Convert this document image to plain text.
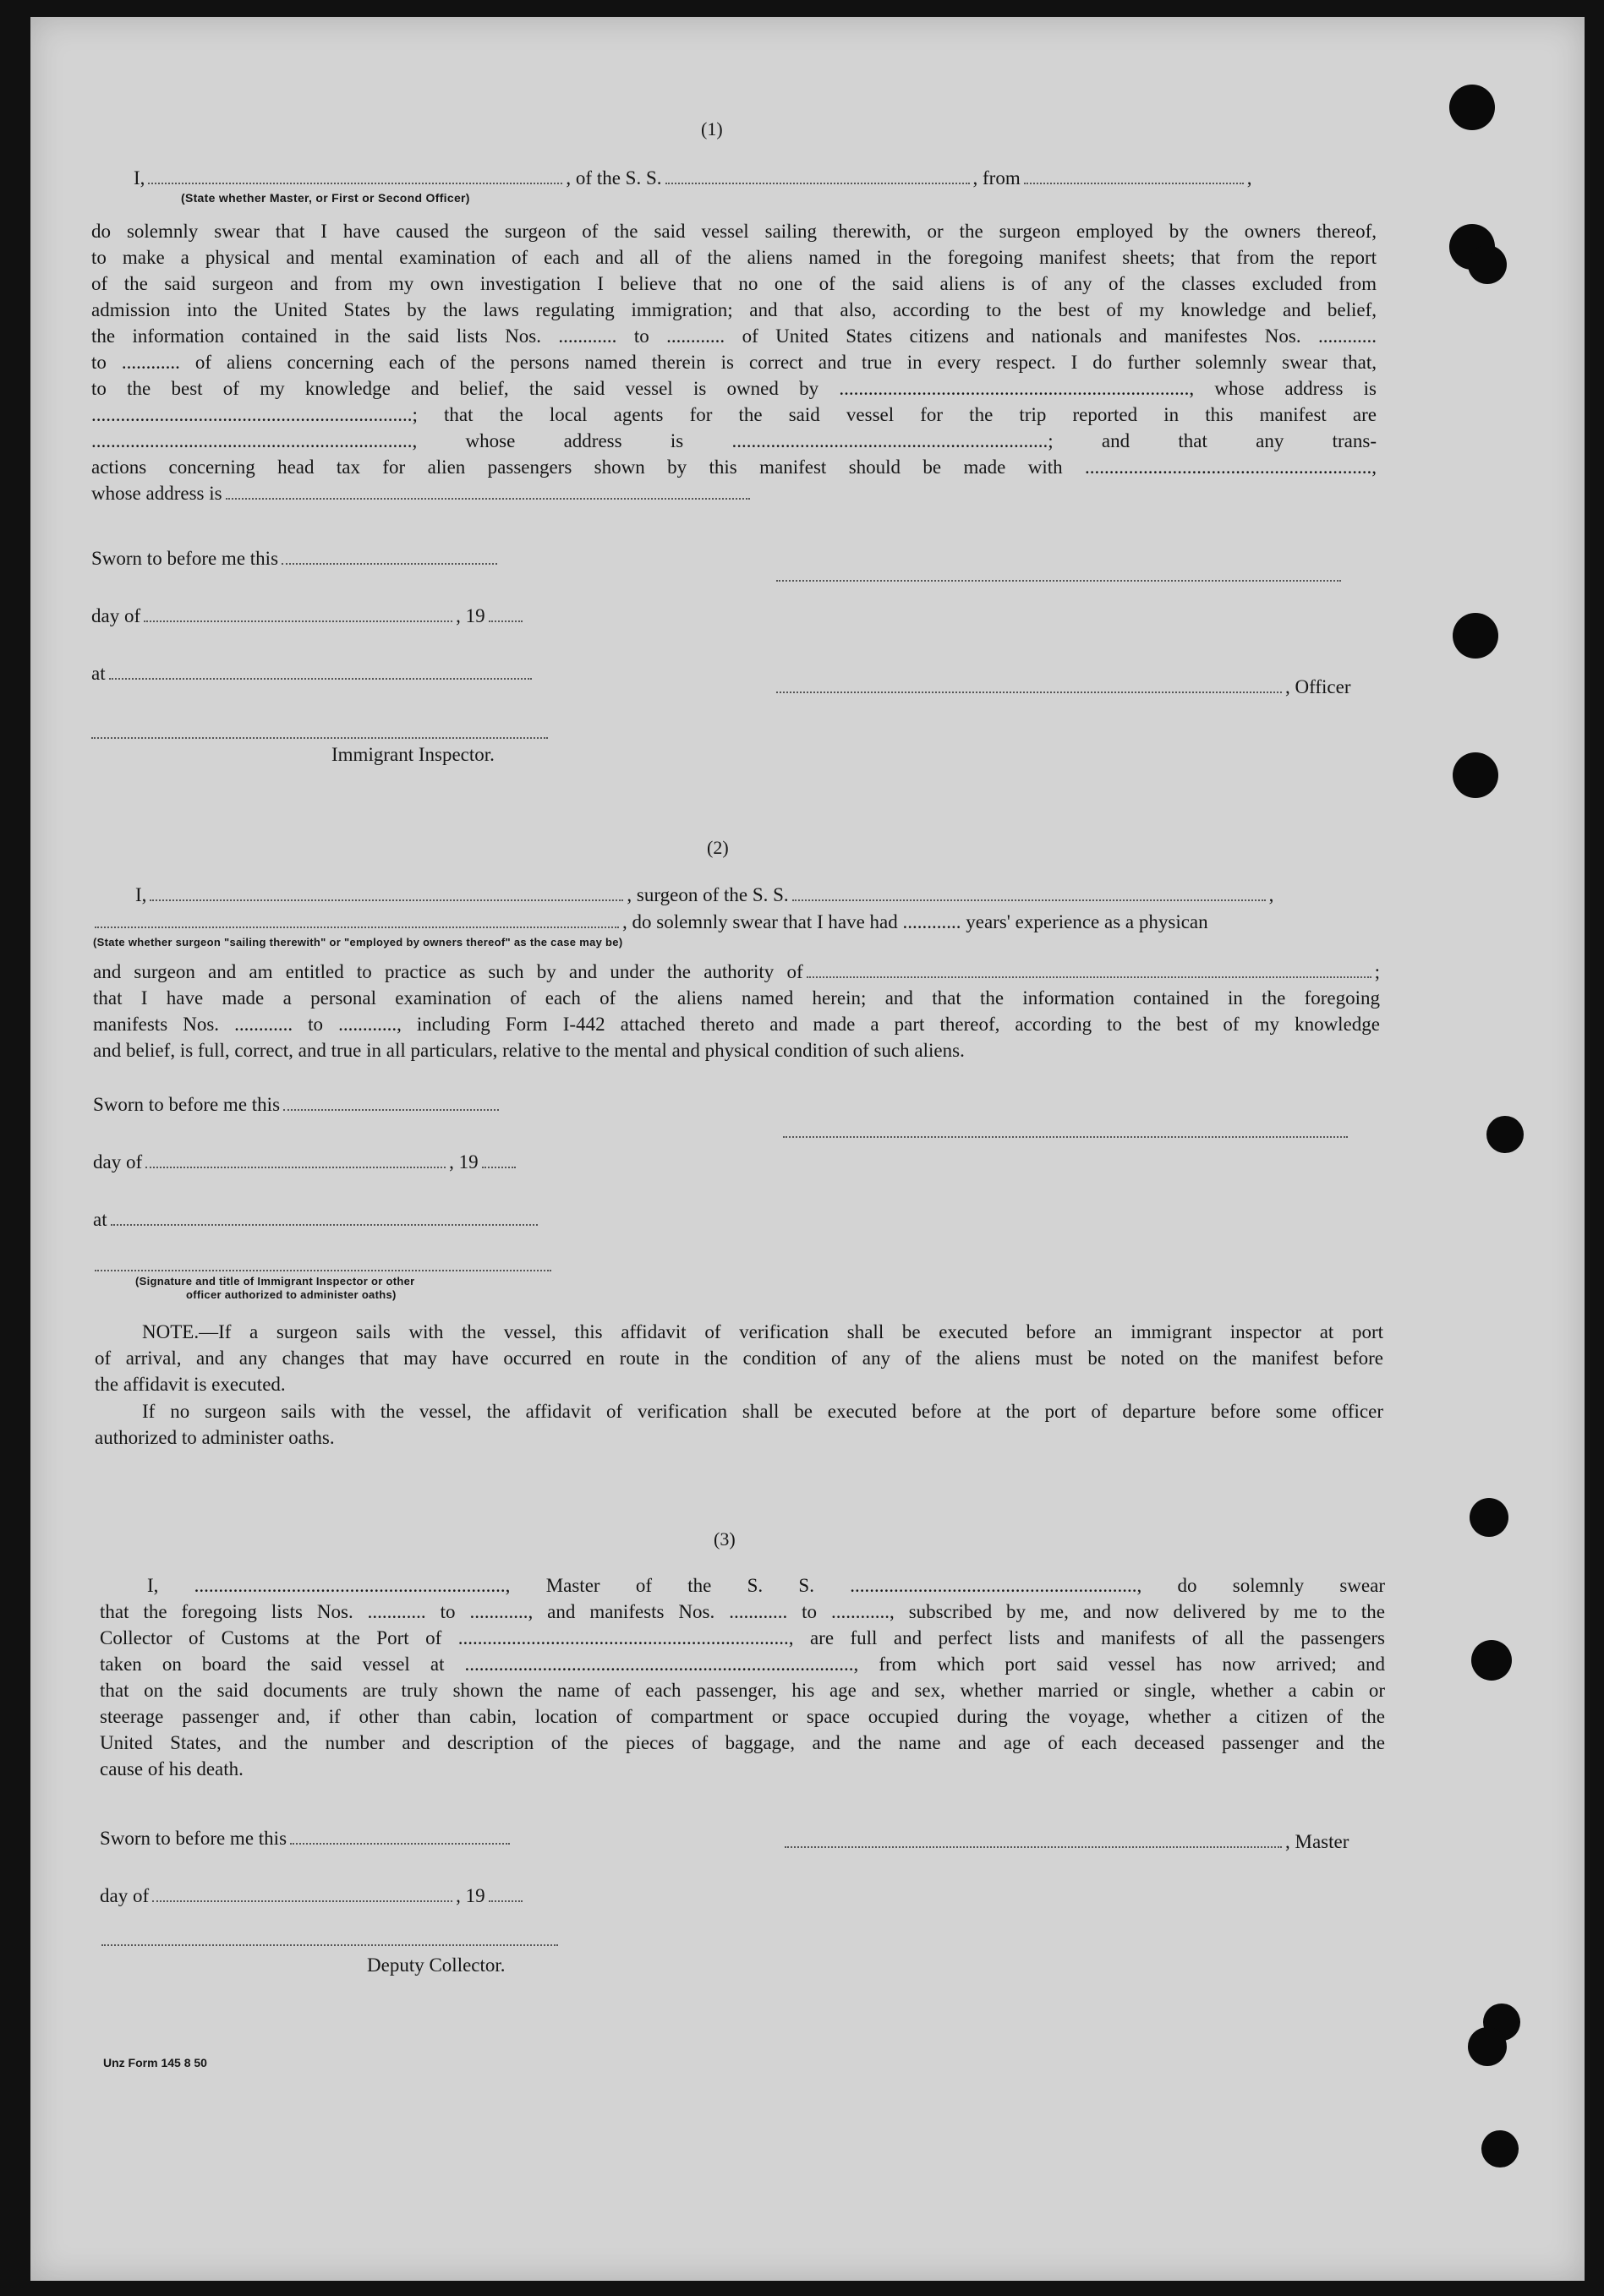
(1)
I,	, of the S. S.	, from	,
(State whether Master, or First or Second Officer)
do solemnly swear that I have caused the surgeon of the said vessel sailing therewith, or the surgeon employed by the owners thereof,
to make a physical and mental examination of each and all of the aliens named in the foregoing manifest sheets; that from the report
of the said surgeon and from my own investigation I believe that no one of the said aliens is of any of the classes excluded from
admission into the United States by the laws regulating immigration; and that also, according to the best of my knowledge and belief,
the information contained in the said lists Nos. ............ to ............ of United States citizens and nationals and manifestes Nos. ............
to ............ of aliens concerning each of the persons named therein is correct and true in every respect. I do further solemnly swear that,
to the best of my knowledge and belief, the said vessel is owned by ........................................................................, whose address is
..................................................................; that the local agents for the said vessel for the trip reported in this manifest are
.................................................................., whose address is .................................................................; and that any trans-
actions concerning head tax for alien passengers shown by this manifest should be made with ...........................................................,
whose address is
Sworn to before me this
day of	, 19
at
, Officer
Immigrant Inspector.
(2)
I,	, surgeon of the S. S.	,
, do solemnly swear that I have had ............ years' experience as a physican
(State whether surgeon "sailing therewith" or "employed by owners thereof" as the case may be)
and surgeon and am entitled to practice as such by and under the authority of	;
that I have made a personal examination of each of the aliens named herein; and that the information contained in the foregoing
manifests Nos. ............ to ............, including Form I-442 attached thereto and made a part thereof, according to the best of my knowledge
and belief, is full, correct, and true in all particulars, relative to the mental and physical condition of such aliens.
Sworn to before me this
day of	, 19
at
(Signature and title of Immigrant Inspector or other
officer authorized to administer oaths)
NOTE.—If a surgeon sails with the vessel, this affidavit of verification shall be executed before an immigrant inspector at port
of arrival, and any changes that may have occurred en route in the condition of any of the aliens must be noted on the manifest before
the affidavit is executed.
If no surgeon sails with the vessel, the affidavit of verification shall be executed before at the port of departure before some officer
authorized to administer oaths.
(3)
I, ................................................................, Master of the S. S. ..........................................................., do solemnly swear
that the foregoing lists Nos. ............ to ............, and manifests Nos. ............ to ............, subscribed by me, and now delivered by me to the
Collector of Customs at the Port of ...................................................................., are full and perfect lists and manifests of all the passengers
taken on board the said vessel at ................................................................................, from which port said vessel has now arrived; and
that on the said documents are truly shown the name of each passenger, his age and sex, whether married or single, whether a cabin or
steerage passenger and, if other than cabin, location of compartment or space occupied during the voyage, whether a citizen of the
United States, and the number and description of the pieces of baggage, and the name and age of each deceased passenger and the
cause of his death.
Sworn to before me this	, Master
day of	, 19
Deputy Collector.
Unz Form 145 8 50
